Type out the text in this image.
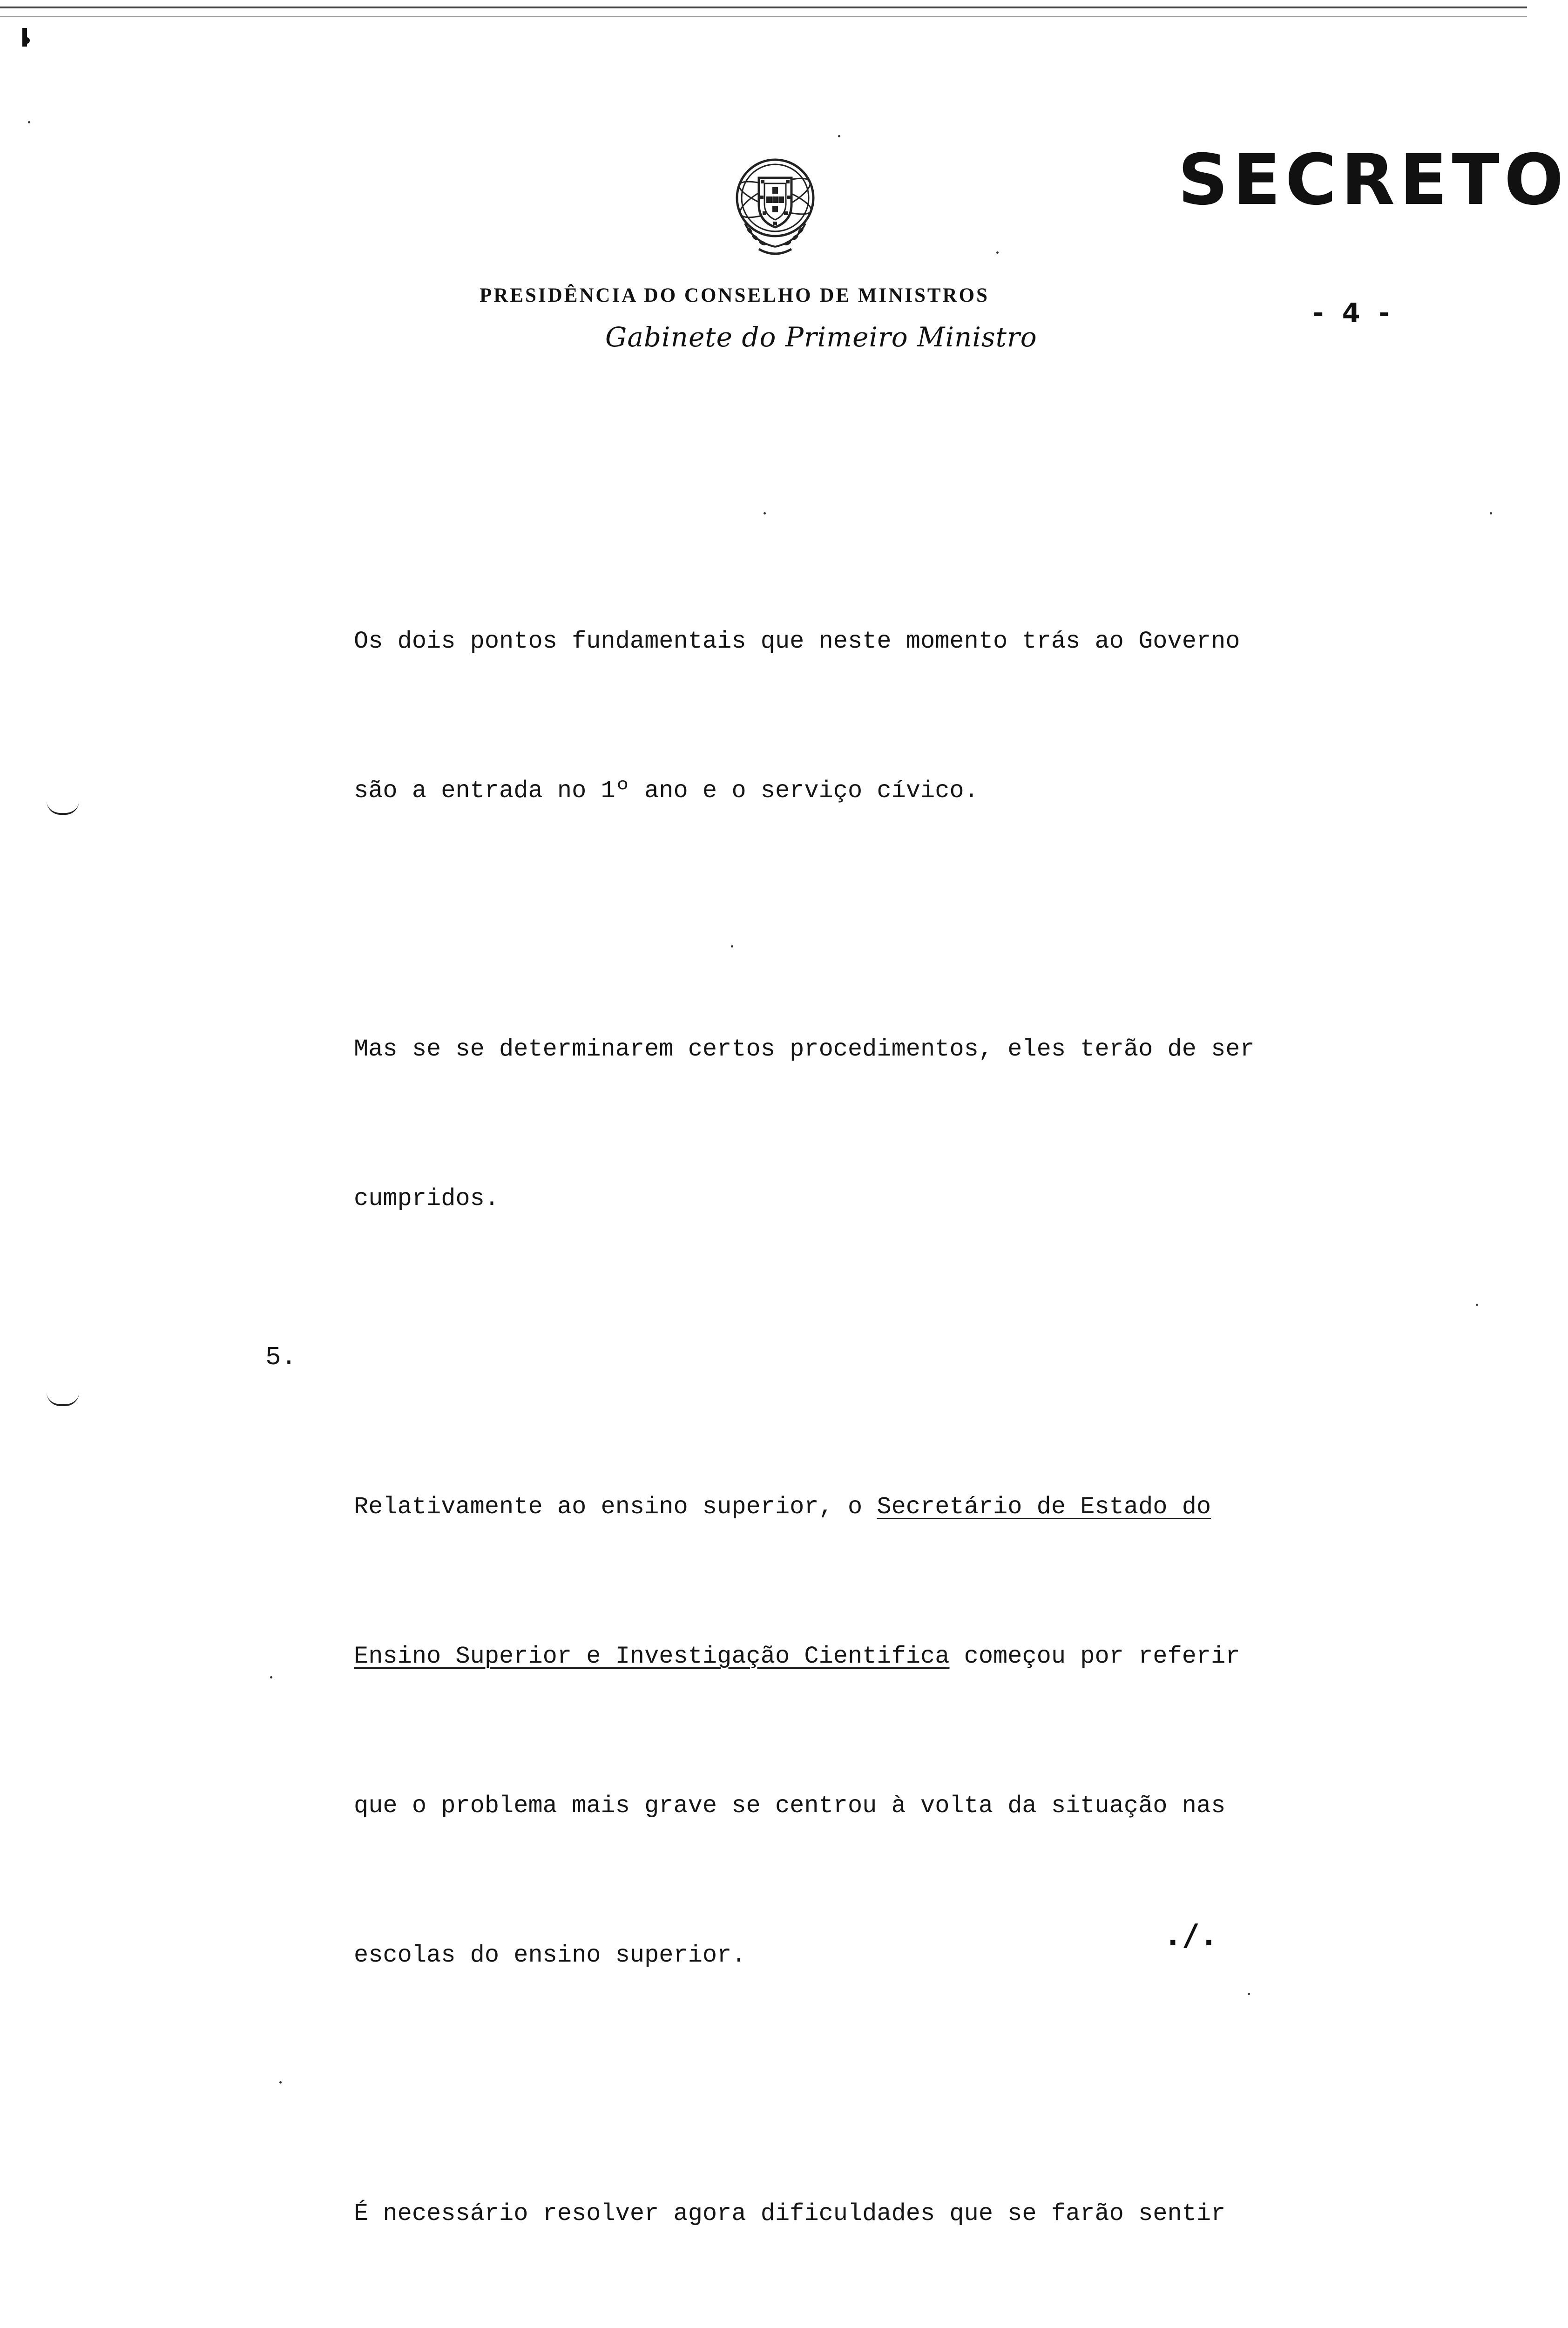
SECRETO
PRESIDÊNCIA DO CONSELHO DE MINISTROS
Gabinete do Primeiro Ministro
- 4 -

Os dois pontos fundamentais que neste momento trás ao Governo

são a entrada no 1º ano e o serviço cívico.

Mas se se determinarem certos procedimentos, eles terão de ser

cumpridos.

5.

Relativamente ao ensino superior, o Secretário de Estado do

Ensino Superior e Investigação Cientifica começou por referir

que o problema mais grave se centrou à volta da situação nas

escolas do ensino superior.

É necessário resolver agora dificuldades que se farão sentir

./.
